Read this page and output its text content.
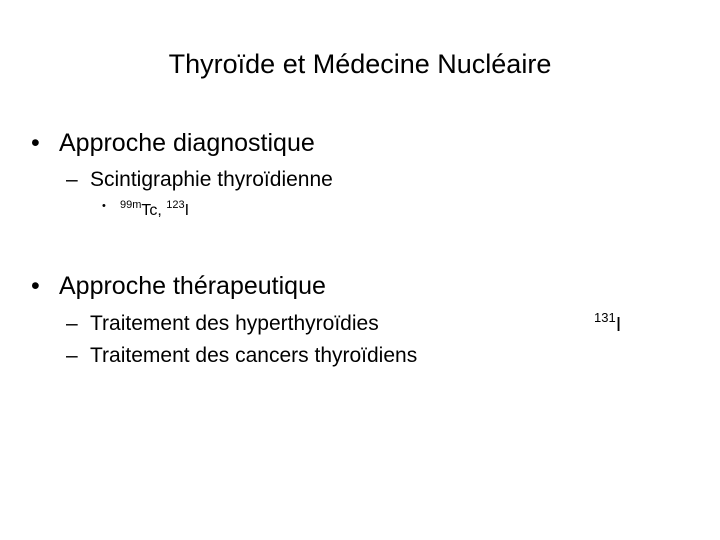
Thyroïde et Médecine Nucléaire
• Approche diagnostique
– Scintigraphie thyroïdienne
• $^{99m}$Tc, $^{123}$I
• Approche thérapeutique
– Traitement des hyperthyroïdies
– Traitement des cancers thyroïdiens
$^{131}$I
